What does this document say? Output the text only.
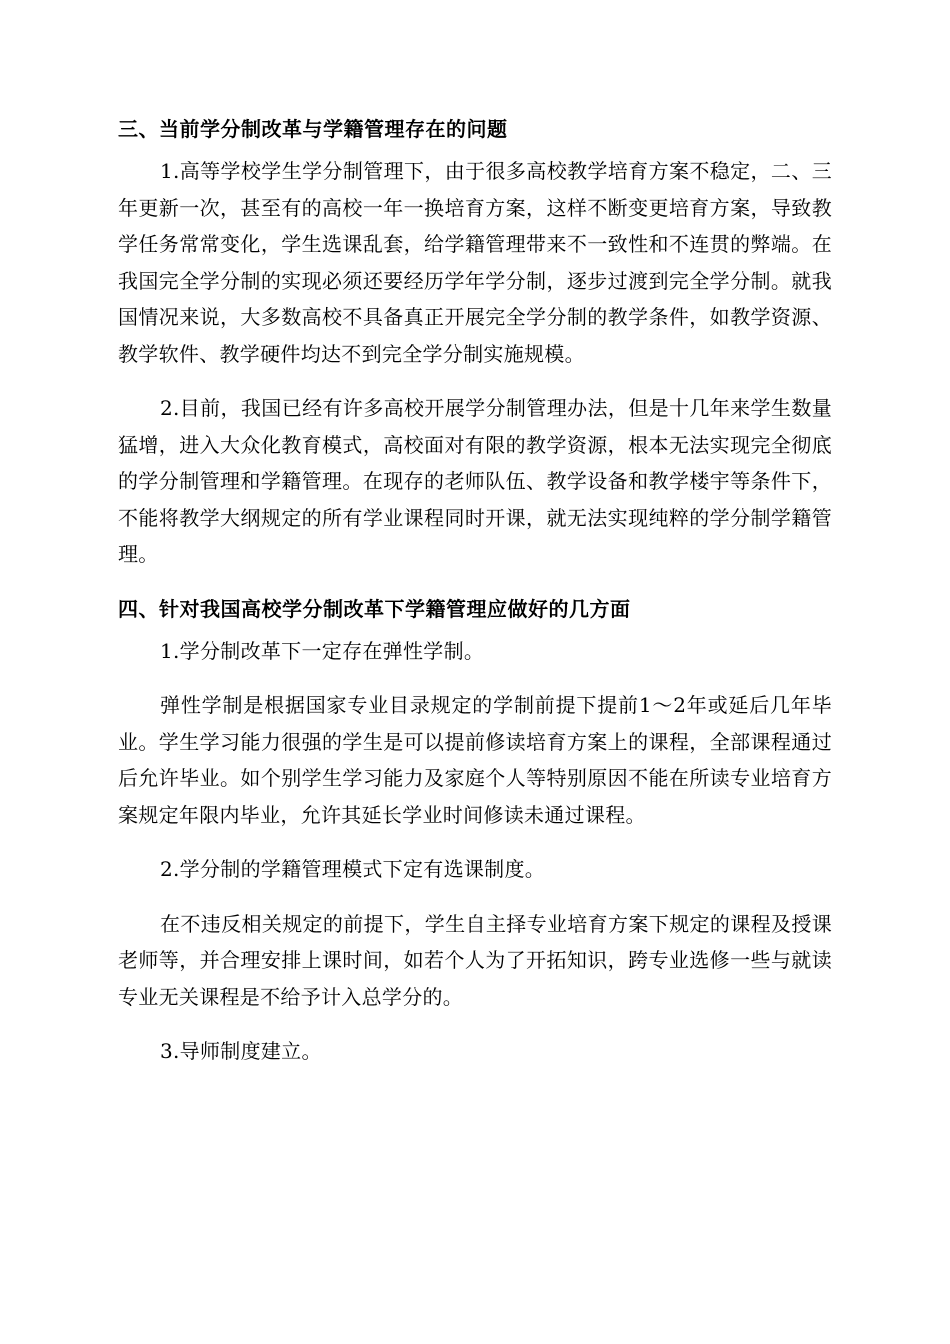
三、当前学分制改革与学籍管理存在的问题

1.高等学校学生学分制管理下，由于很多高校教学培育方案不稳定，二、三年更新一次，甚至有的高校一年一换培育方案，这样不断变更培育方案，导致教学任务常常变化，学生选课乱套，给学籍管理带来不一致性和不连贯的弊端。在我国完全学分制的实现必须还要经历学年学分制，逐步过渡到完全学分制。就我国情况来说，大多数高校不具备真正开展完全学分制的教学条件，如教学资源、教学软件、教学硬件均达不到完全学分制实施规模。

2.目前，我国已经有许多高校开展学分制管理办法，但是十几年来学生数量猛增，进入大众化教育模式，高校面对有限的教学资源，根本无法实现完全彻底的学分制管理和学籍管理。在现存的老师队伍、教学设备和教学楼宇等条件下，不能将教学大纲规定的所有学业课程同时开课，就无法实现纯粹的学分制学籍管理。

四、针对我国高校学分制改革下学籍管理应做好的几方面

1.学分制改革下一定存在弹性学制。

弹性学制是根据国家专业目录规定的学制前提下提前1～2年或延后几年毕业。学生学习能力很强的学生是可以提前修读培育方案上的课程，全部课程通过后允许毕业。如个别学生学习能力及家庭个人等特别原因不能在所读专业培育方案规定年限内毕业，允许其延长学业时间修读未通过课程。

2.学分制的学籍管理模式下定有选课制度。

在不违反相关规定的前提下，学生自主择专业培育方案下规定的课程及授课老师等，并合理安排上课时间，如若个人为了开拓知识，跨专业选修一些与就读专业无关课程是不给予计入总学分的。

3.导师制度建立。
